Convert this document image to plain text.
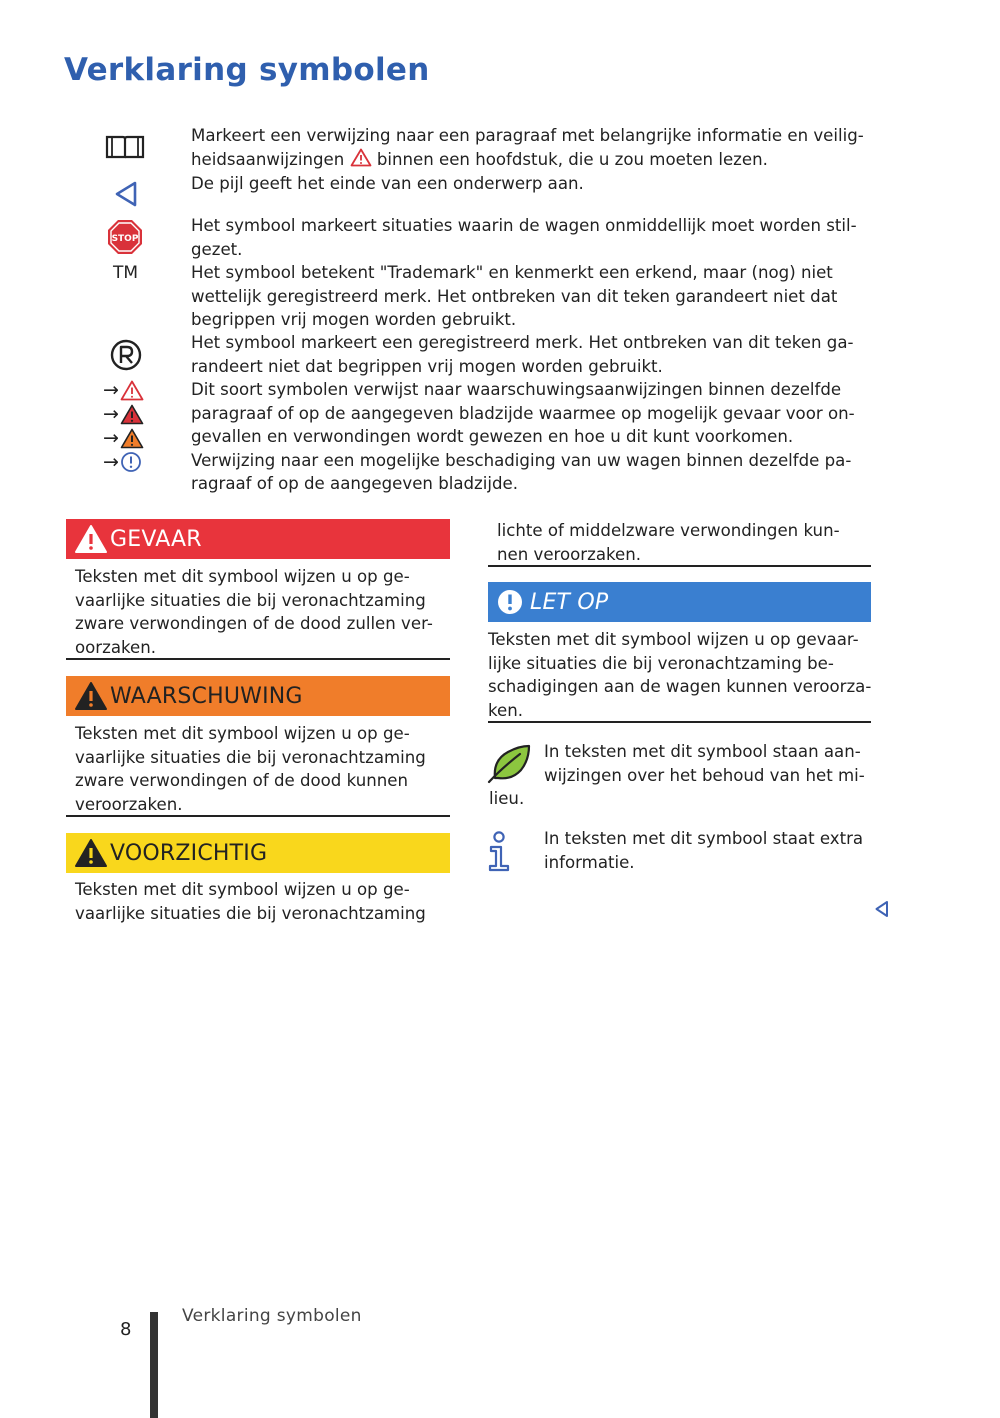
Verklaring symbolen
Markeert een verwijzing naar een paragraaf met belangrijke informatie en veilig-
heidsaanwijzingen binnen een hoofdstuk, die u zou moeten lezen.
De pijl geeft het einde van een onderwerp aan.
STOP
Het symbool markeert situaties waarin de wagen onmiddellijk moet worden stil-
gezet.
TM	Het symbool betekent "Trademark" en kenmerkt een erkend, maar (nog) niet
wettelijk geregistreerd merk. Het ontbreken van dit teken garandeert niet dat
begrippen vrij mogen worden gebruikt.
Het symbool markeert een geregistreerd merk. Het ontbreken van dit teken ga-
randeert niet dat begrippen vrij mogen worden gebruikt.
→
→
→
→
Dit soort symbolen verwijst naar waarschuwingsaanwijzingen binnen dezelfde
paragraaf of op de aangegeven bladzijde waarmee op mogelijk gevaar voor on-
gevallen en verwondingen wordt gewezen en hoe u dit kunt voorkomen.
Verwijzing naar een mogelijke beschadiging van uw wagen binnen dezelfde pa-
ragraaf of op de aangegeven bladzijde.
GEVAAR
Teksten met dit symbool wijzen u op ge-
vaarlijke situaties die bij veronachtzaming
zware verwondingen of de dood zullen ver-
oorzaken.
WAARSCHUWING
Teksten met dit symbool wijzen u op ge-
vaarlijke situaties die bij veronachtzaming
zware verwondingen of de dood kunnen
veroorzaken.
VOORZICHTIG
Teksten met dit symbool wijzen u op ge-
vaarlijke situaties die bij veronachtzaming
lichte of middelzware verwondingen kun-
nen veroorzaken.
LET OP
Teksten met dit symbool wijzen u op gevaar-
lijke situaties die bij veronachtzaming be-
schadigingen aan de wagen kunnen veroorza-
ken.
In teksten met dit symbool staan aan-
wijzingen over het behoud van het mi-
lieu.
In teksten met dit symbool staat extra
informatie.
8
Verklaring symbolen
